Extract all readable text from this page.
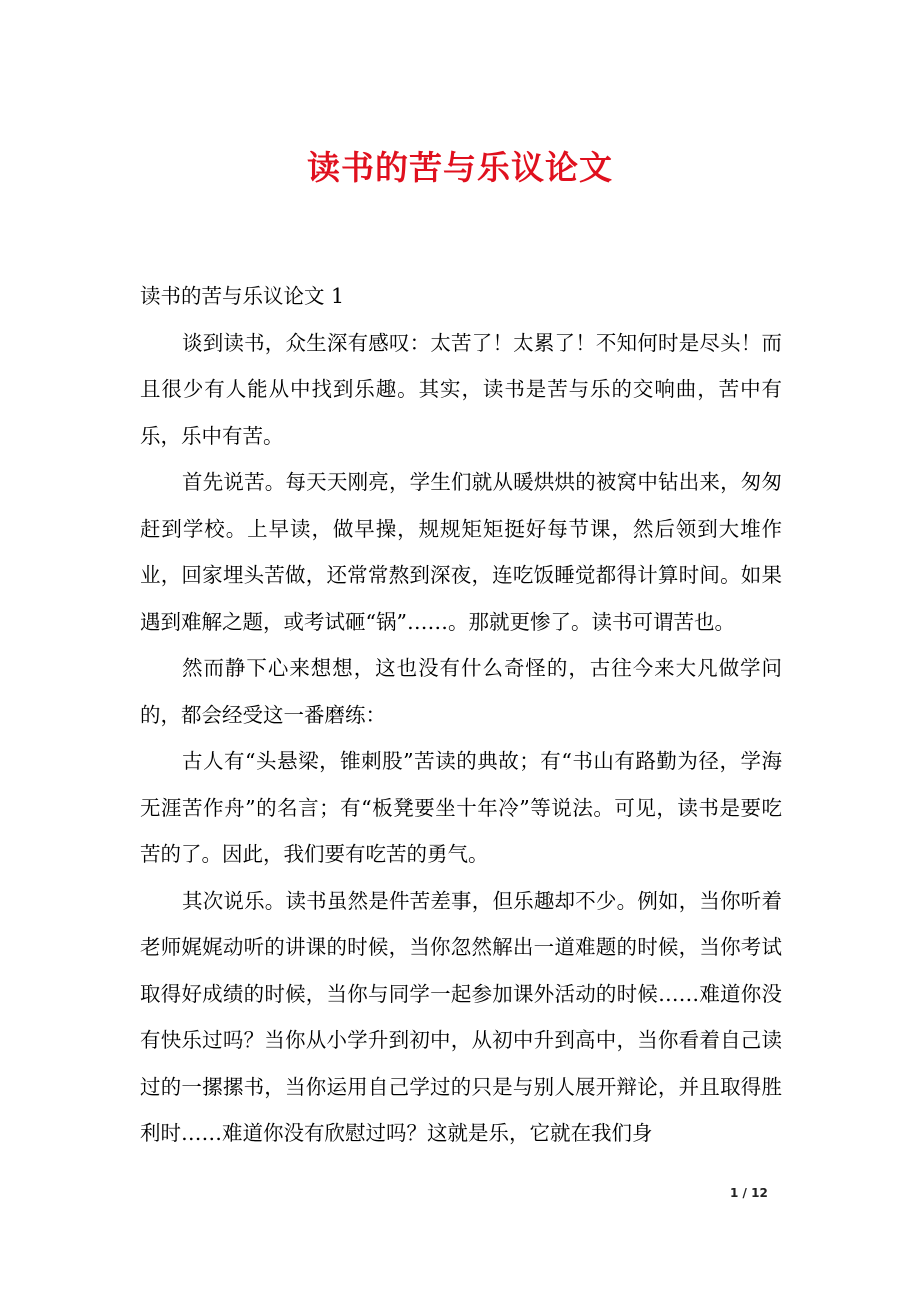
读书的苦与乐议论文

读书的苦与乐议论文 1

谈到读书，众生深有感叹：太苦了！太累了！不知何时是尽头！而且很少有人能从中找到乐趣。其实，读书是苦与乐的交响曲，苦中有乐，乐中有苦。

首先说苦。每天天刚亮，学生们就从暖烘烘的被窝中钻出来，匆匆赶到学校。上早读，做早操，规规矩矩挺好每节课，然后领到大堆作业，回家埋头苦做，还常常熬到深夜，连吃饭睡觉都得计算时间。如果遇到难解之题，或考试砸“锅”……。那就更惨了。读书可谓苦也。

然而静下心来想想，这也没有什么奇怪的，古往今来大凡做学问的，都会经受这一番磨练：

古人有“头悬梁，锥刺股”苦读的典故；有“书山有路勤为径，学海无涯苦作舟”的名言；有“板凳要坐十年冷”等说法。可见，读书是要吃苦的了。因此，我们要有吃苦的勇气。

其次说乐。读书虽然是件苦差事，但乐趣却不少。例如，当你听着老师娓娓动听的讲课的时候，当你忽然解出一道难题的时候，当你考试取得好成绩的时候，当你与同学一起参加课外活动的时候……难道你没有快乐过吗？当你从小学升到初中，从初中升到高中，当你看着自己读过的一摞摞书，当你运用自己学过的只是与别人展开辩论，并且取得胜利时……难道你没有欣慰过吗？这就是乐，它就在我们身

1 / 12
